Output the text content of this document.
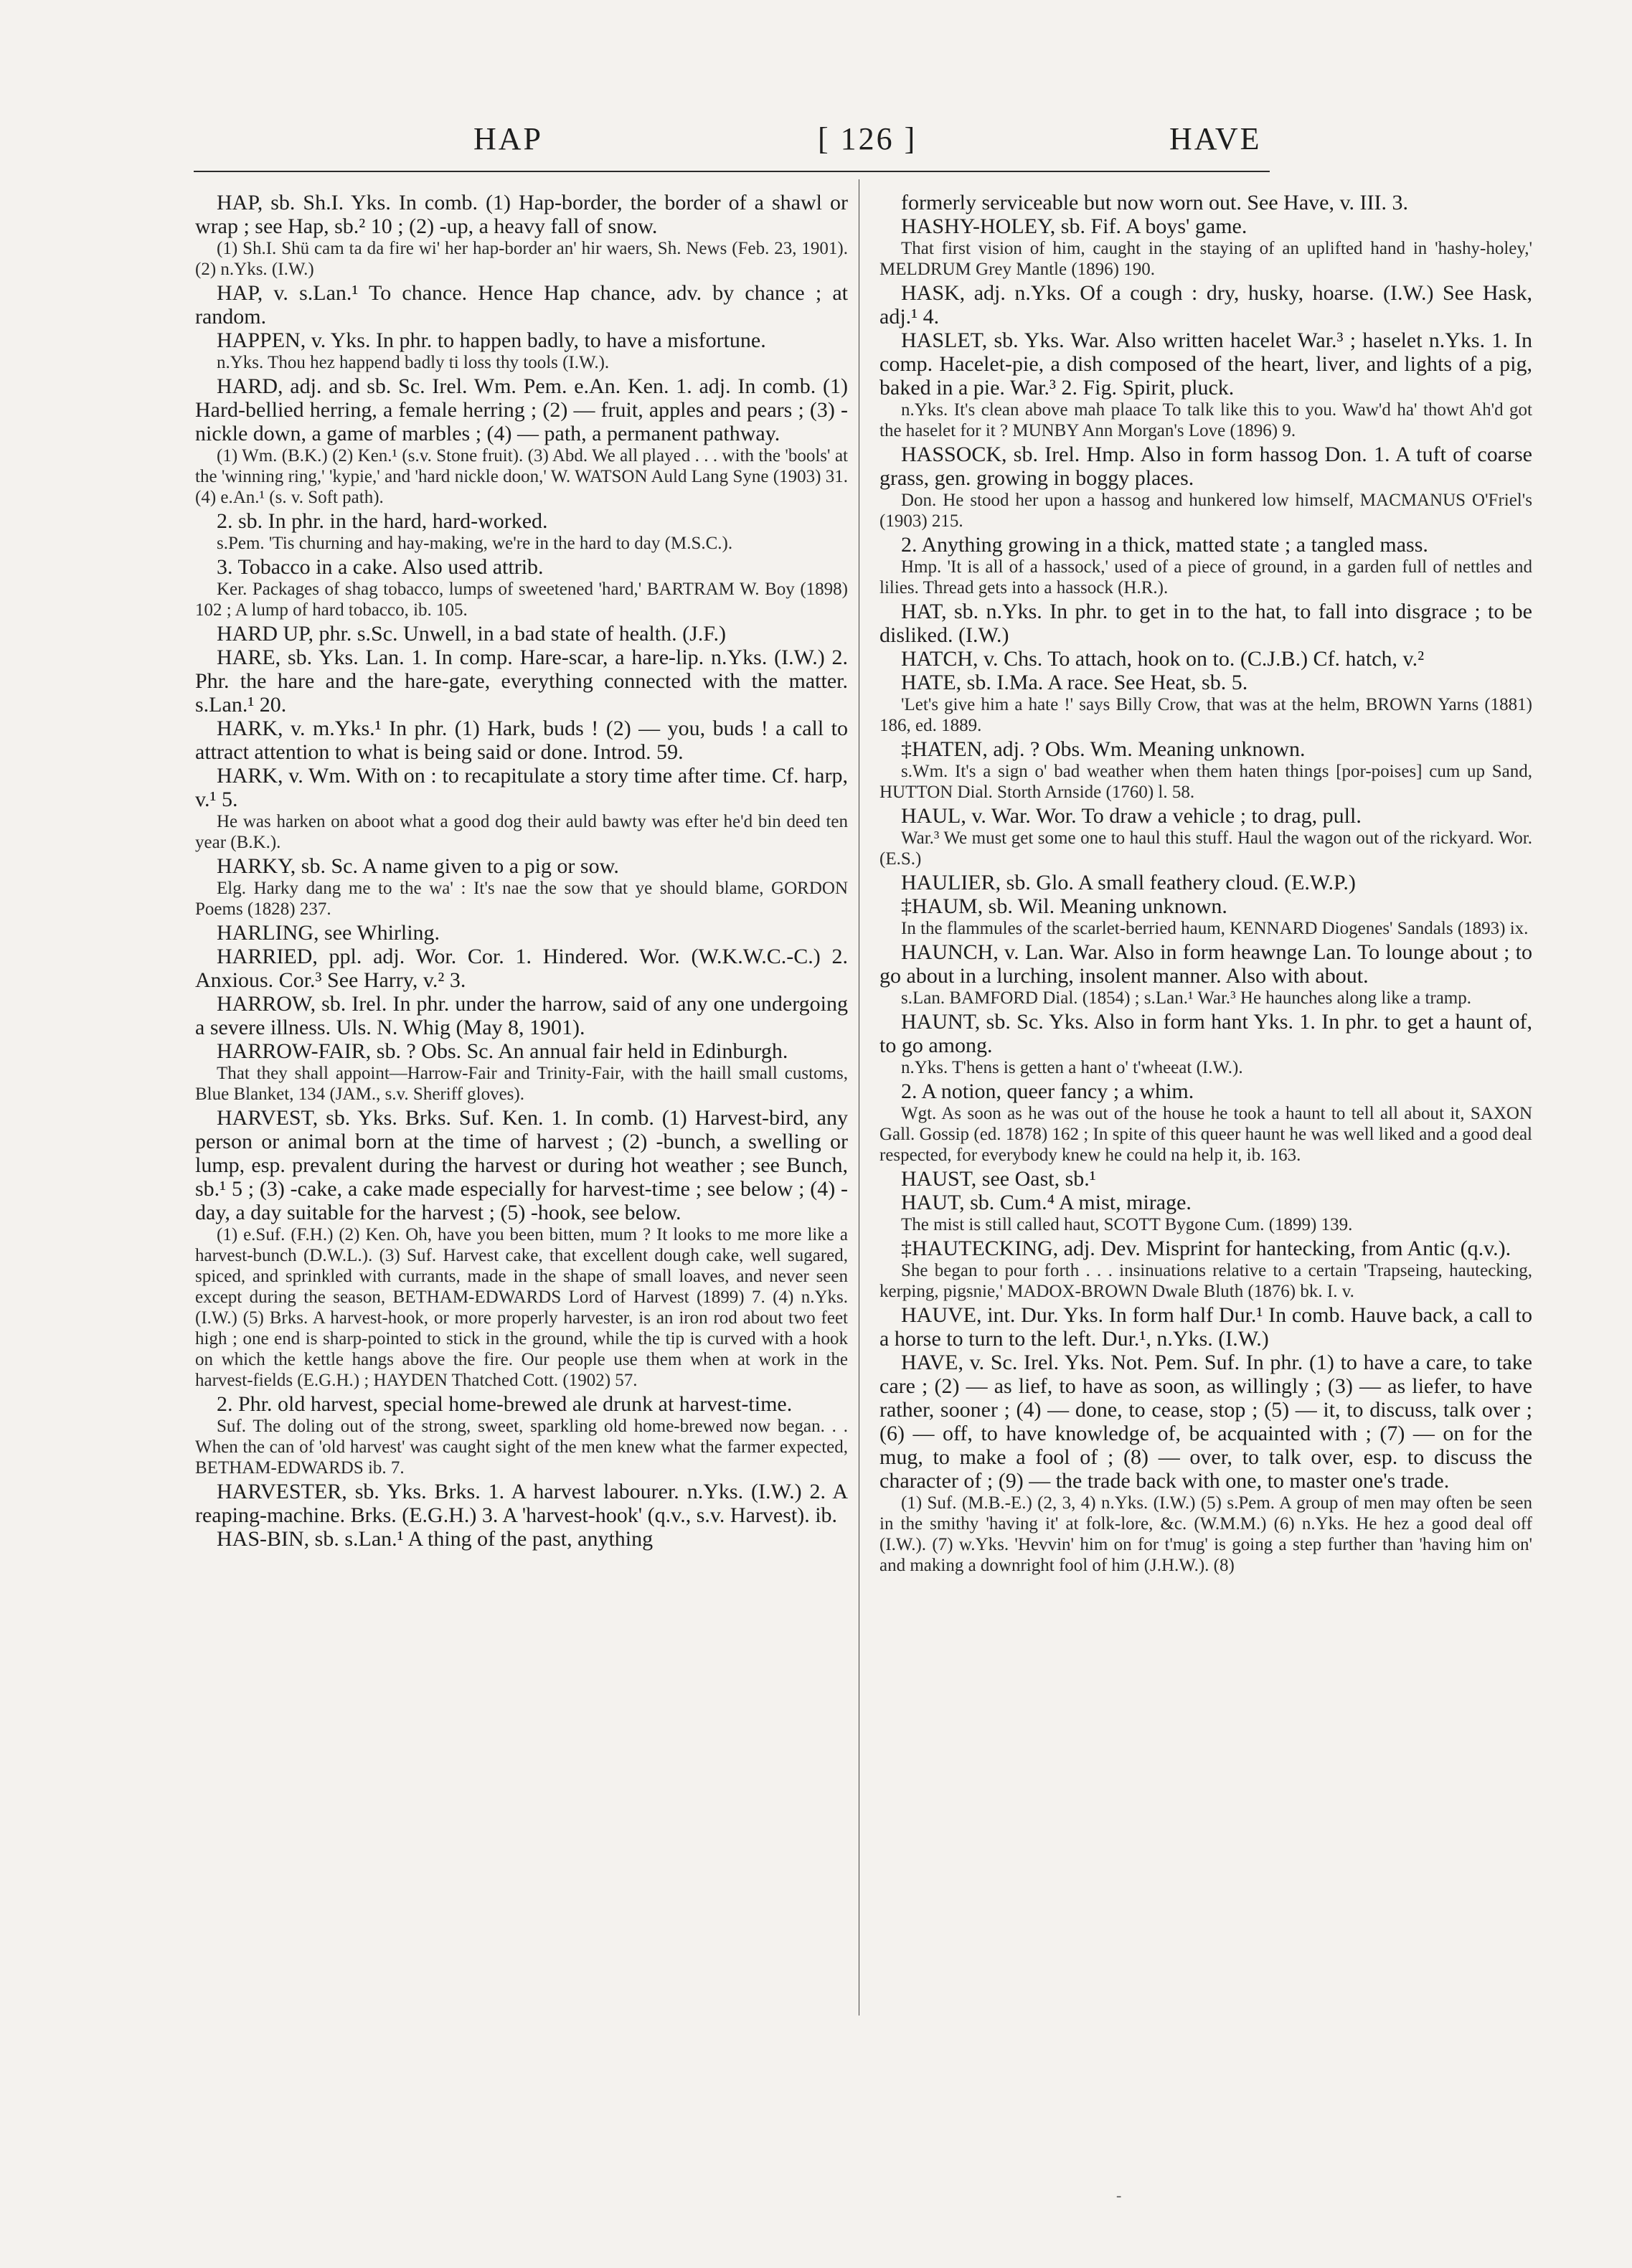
HAP	[ 126 ]	HAVE

HAP, sb. Sh.I. Yks. In comb. (1) Hap-border, the border of a shawl or wrap ; see Hap, sb.² 10 ; (2) -up, a heavy fall of snow.

(1) Sh.I. Shü cam ta da fire wi' her hap-border an' hir waers, Sh. News (Feb. 23, 1901). (2) n.Yks. (I.W.)

HAP, v. s.Lan.¹ To chance. Hence Hap chance, adv. by chance ; at random.

HAPPEN, v. Yks. In phr. to happen badly, to have a misfortune.

n.Yks. Thou hez happend badly ti loss thy tools (I.W.).

HARD, adj. and sb. Sc. Irel. Wm. Pem. e.An. Ken. 1. adj. In comb. (1) Hard-bellied herring, a female herring ; (2) — fruit, apples and pears ; (3) -nickle down, a game of marbles ; (4) — path, a permanent pathway.

(1) Wm. (B.K.) (2) Ken.¹ (s.v. Stone fruit). (3) Abd. We all played . . . with the 'bools' at the 'winning ring,' 'kypie,' and 'hard nickle doon,' W. WATSON Auld Lang Syne (1903) 31. (4) e.An.¹ (s. v. Soft path).

2. sb. In phr. in the hard, hard-worked.

s.Pem. 'Tis churning and hay-making, we're in the hard to day (M.S.C.).

3. Tobacco in a cake. Also used attrib.

Ker. Packages of shag tobacco, lumps of sweetened 'hard,' BARTRAM W. Boy (1898) 102 ; A lump of hard tobacco, ib. 105.

HARD UP, phr. s.Sc. Unwell, in a bad state of health. (J.F.)

HARE, sb. Yks. Lan. 1. In comp. Hare-scar, a hare-lip. n.Yks. (I.W.) 2. Phr. the hare and the hare-gate, everything connected with the matter. s.Lan.¹ 20.

HARK, v. m.Yks.¹ In phr. (1) Hark, buds ! (2) — you, buds ! a call to attract attention to what is being said or done. Introd. 59.

HARK, v. Wm. With on : to recapitulate a story time after time. Cf. harp, v.¹ 5.

He was harken on aboot what a good dog their auld bawty was efter he'd bin deed ten year (B.K.).

HARKY, sb. Sc. A name given to a pig or sow.

Elg. Harky dang me to the wa' : It's nae the sow that ye should blame, GORDON Poems (1828) 237.

HARLING, see Whirling.

HARRIED, ppl. adj. Wor. Cor. 1. Hindered. Wor. (W.K.W.C.-C.) 2. Anxious. Cor.³ See Harry, v.² 3.

HARROW, sb. Irel. In phr. under the harrow, said of any one undergoing a severe illness. Uls. N. Whig (May 8, 1901).

HARROW-FAIR, sb. ? Obs. Sc. An annual fair held in Edinburgh.

That they shall appoint—Harrow-Fair and Trinity-Fair, with the haill small customs, Blue Blanket, 134 (JAM., s.v. Sheriff gloves).

HARVEST, sb. Yks. Brks. Suf. Ken. 1. In comb. (1) Harvest-bird, any person or animal born at the time of harvest ; (2) -bunch, a swelling or lump, esp. prevalent during the harvest or during hot weather ; see Bunch, sb.¹ 5 ; (3) -cake, a cake made especially for harvest-time ; see below ; (4) -day, a day suitable for the harvest ; (5) -hook, see below.

(1) e.Suf. (F.H.) (2) Ken. Oh, have you been bitten, mum ? It looks to me more like a harvest-bunch (D.W.L.). (3) Suf. Harvest cake, that excellent dough cake, well sugared, spiced, and sprinkled with currants, made in the shape of small loaves, and never seen except during the season, BETHAM-EDWARDS Lord of Harvest (1899) 7. (4) n.Yks. (I.W.) (5) Brks. A harvest-hook, or more properly harvester, is an iron rod about two feet high ; one end is sharp-pointed to stick in the ground, while the tip is curved with a hook on which the kettle hangs above the fire. Our people use them when at work in the harvest-fields (E.G.H.) ; HAYDEN Thatched Cott. (1902) 57.

2. Phr. old harvest, special home-brewed ale drunk at harvest-time.

Suf. The doling out of the strong, sweet, sparkling old home-brewed now began. . . When the can of 'old harvest' was caught sight of the men knew what the farmer expected, BETHAM-EDWARDS ib. 7.

HARVESTER, sb. Yks. Brks. 1. A harvest labourer. n.Yks. (I.W.) 2. A reaping-machine. Brks. (E.G.H.) 3. A 'harvest-hook' (q.v., s.v. Harvest). ib.

HAS-BIN, sb. s.Lan.¹ A thing of the past, anything

formerly serviceable but now worn out. See Have, v. III. 3.

HASHY-HOLEY, sb. Fif. A boys' game.

That first vision of him, caught in the staying of an uplifted hand in 'hashy-holey,' MELDRUM Grey Mantle (1896) 190.

HASK, adj. n.Yks. Of a cough : dry, husky, hoarse. (I.W.) See Hask, adj.¹ 4.

HASLET, sb. Yks. War. Also written hacelet War.³ ; haselet n.Yks. 1. In comp. Hacelet-pie, a dish composed of the heart, liver, and lights of a pig, baked in a pie. War.³ 2. Fig. Spirit, pluck.

n.Yks. It's clean above mah plaace To talk like this to you. Waw'd ha' thowt Ah'd got the haselet for it ? MUNBY Ann Morgan's Love (1896) 9.

HASSOCK, sb. Irel. Hmp. Also in form hassog Don. 1. A tuft of coarse grass, gen. growing in boggy places.

Don. He stood her upon a hassog and hunkered low himself, MACMANUS O'Friel's (1903) 215.

2. Anything growing in a thick, matted state ; a tangled mass.

Hmp. 'It is all of a hassock,' used of a piece of ground, in a garden full of nettles and lilies. Thread gets into a hassock (H.R.).

HAT, sb. n.Yks. In phr. to get in to the hat, to fall into disgrace ; to be disliked. (I.W.)

HATCH, v. Chs. To attach, hook on to. (C.J.B.) Cf. hatch, v.²

HATE, sb. I.Ma. A race. See Heat, sb. 5.

'Let's give him a hate !' says Billy Crow, that was at the helm, BROWN Yarns (1881) 186, ed. 1889.

‡HATEN, adj. ? Obs. Wm. Meaning unknown.

s.Wm. It's a sign o' bad weather when them haten things [por-poises] cum up Sand, HUTTON Dial. Storth Arnside (1760) l. 58.

HAUL, v. War. Wor. To draw a vehicle ; to drag, pull.

War.³ We must get some one to haul this stuff. Haul the wagon out of the rickyard. Wor. (E.S.)

HAULIER, sb. Glo. A small feathery cloud. (E.W.P.)

‡HAUM, sb. Wil. Meaning unknown.

In the flammules of the scarlet-berried haum, KENNARD Diogenes' Sandals (1893) ix.

HAUNCH, v. Lan. War. Also in form heawnge Lan. To lounge about ; to go about in a lurching, insolent manner. Also with about.

s.Lan. BAMFORD Dial. (1854) ; s.Lan.¹ War.³ He haunches along like a tramp.

HAUNT, sb. Sc. Yks. Also in form hant Yks. 1. In phr. to get a haunt of, to go among.

n.Yks. T'hens is getten a hant o' t'wheeat (I.W.).

2. A notion, queer fancy ; a whim.

Wgt. As soon as he was out of the house he took a haunt to tell all about it, SAXON Gall. Gossip (ed. 1878) 162 ; In spite of this queer haunt he was well liked and a good deal respected, for everybody knew he could na help it, ib. 163.

HAUST, see Oast, sb.¹

HAUT, sb. Cum.⁴ A mist, mirage.

The mist is still called haut, SCOTT Bygone Cum. (1899) 139.

‡HAUTECKING, adj. Dev. Misprint for hantecking, from Antic (q.v.).

She began to pour forth . . . insinuations relative to a certain 'Trapseing, hautecking, kerping, pigsnie,' MADOX-BROWN Dwale Bluth (1876) bk. I. v.

HAUVE, int. Dur. Yks. In form half Dur.¹ In comb. Hauve back, a call to a horse to turn to the left. Dur.¹, n.Yks. (I.W.)

HAVE, v. Sc. Irel. Yks. Not. Pem. Suf. In phr. (1) to have a care, to take care ; (2) — as lief, to have as soon, as willingly ; (3) — as liefer, to have rather, sooner ; (4) — done, to cease, stop ; (5) — it, to discuss, talk over ; (6) — off, to have knowledge of, be acquainted with ; (7) — on for the mug, to make a fool of ; (8) — over, to talk over, esp. to discuss the character of ; (9) — the trade back with one, to master one's trade.

(1) Suf. (M.B.-E.) (2, 3, 4) n.Yks. (I.W.) (5) s.Pem. A group of men may often be seen in the smithy 'having it' at folk-lore, &c. (W.M.M.) (6) n.Yks. He hez a good deal off (I.W.). (7) w.Yks. 'Hevvin' him on for t'mug' is going a step further than 'having him on' and making a downright fool of him (J.H.W.). (8)

-
